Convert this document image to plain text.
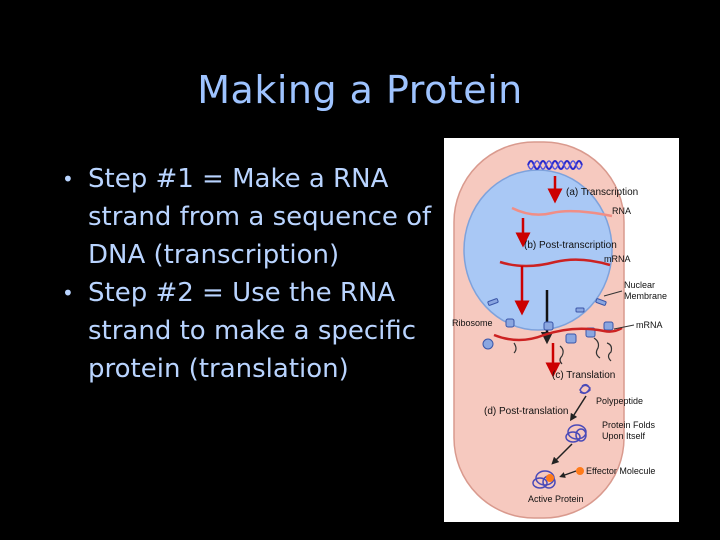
Making a Protein
• Step #1 = Make a RNA strand from a sequence of DNA (transcription)
• Step #2 = Use the RNA strand to make a specific protein (translation)
(a) Transcription
RNA
(b) Post-transcription
mRNA
Nuclear
Membrane
Ribosome	mRNA
(c) Translation
Polypeptide
(d) Post-translation
Protein Folds
Upon Itself
Effector Molecule
Active Protein
